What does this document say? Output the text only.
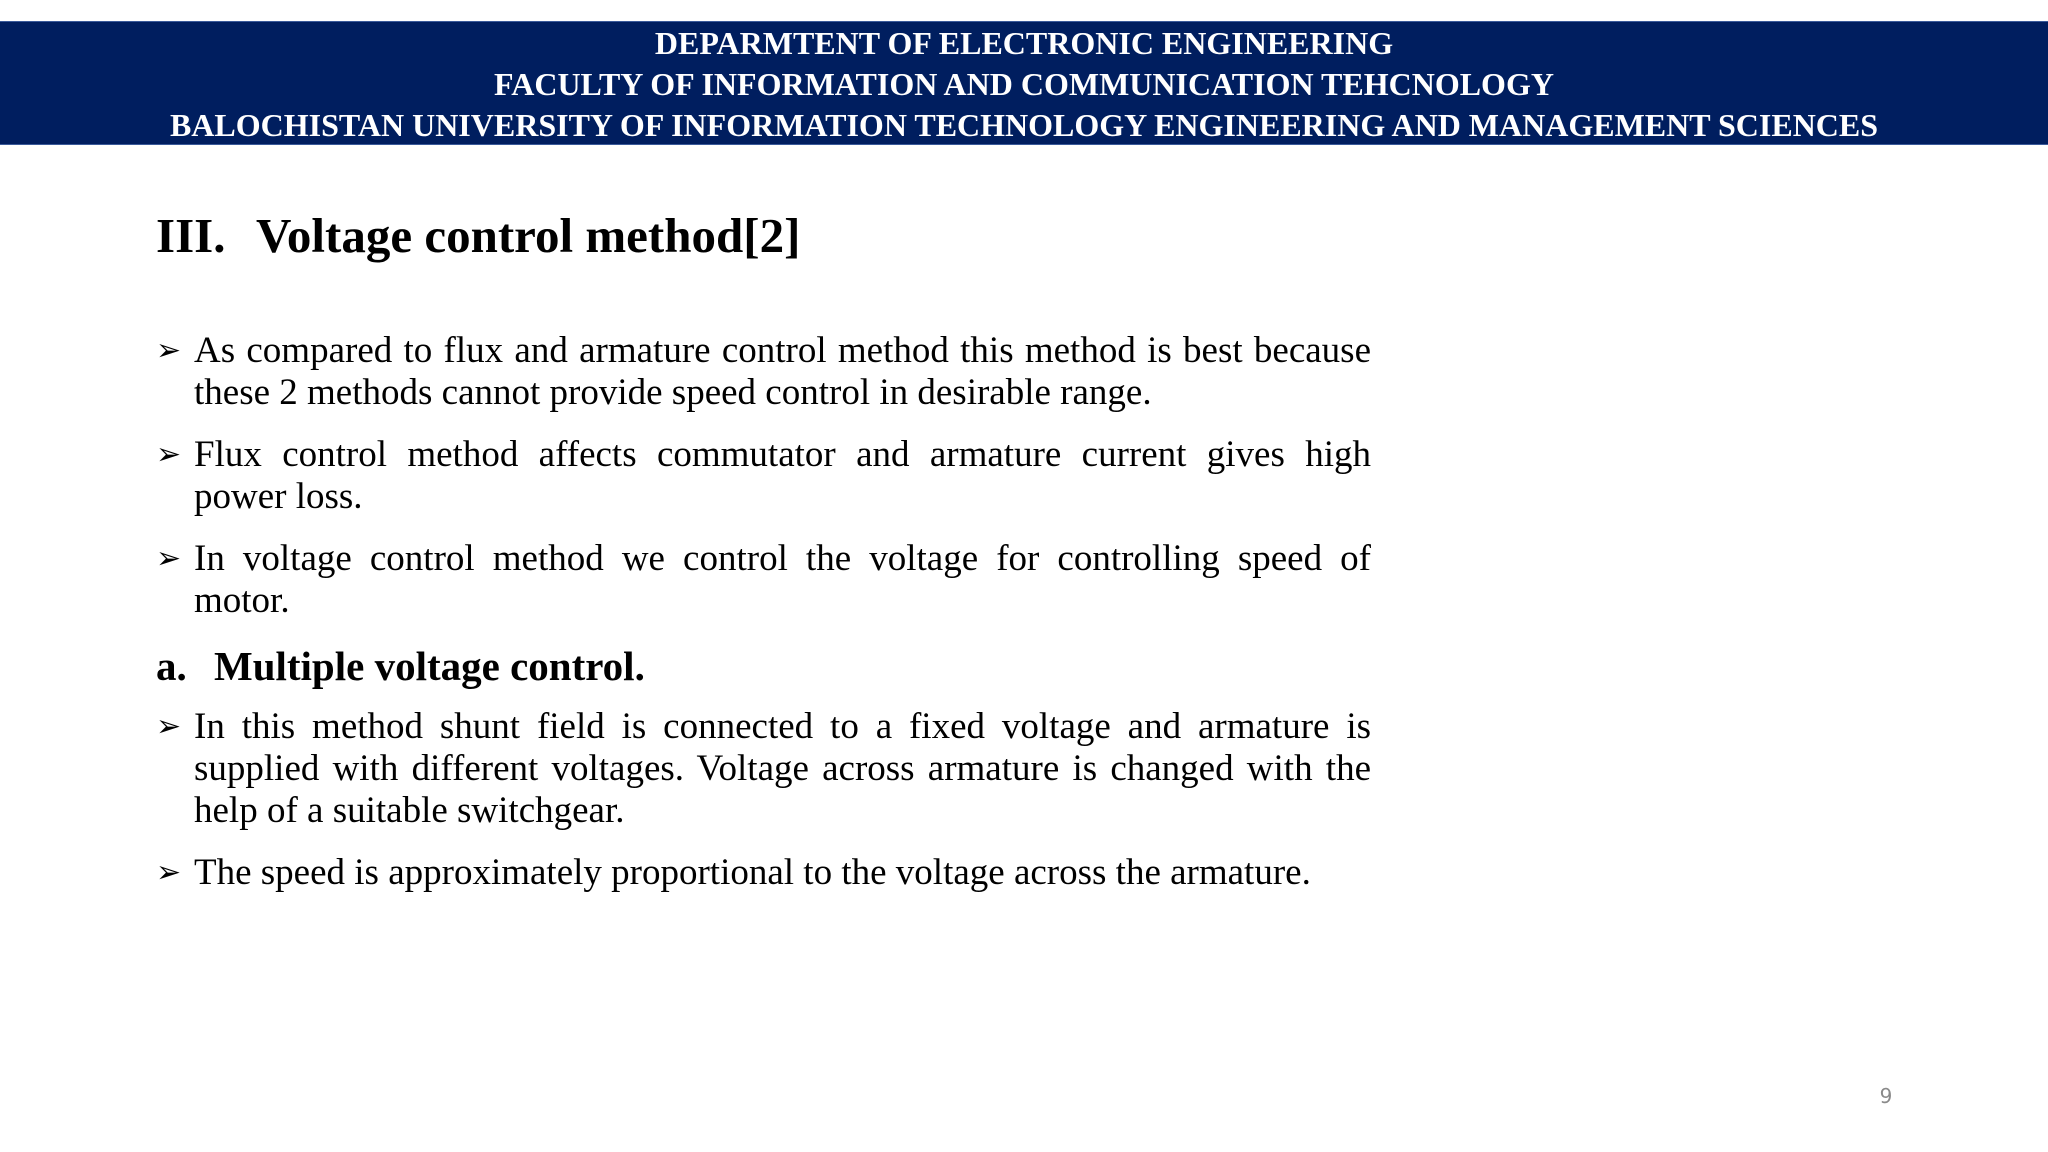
DEPARMTENT OF ELECTRONIC ENGINEERING
FACULTY OF INFORMATION AND COMMUNICATION TEHCNOLOGY
BALOCHISTAN UNIVERSITY OF INFORMATION TECHNOLOGY ENGINEERING AND MANAGEMENT SCIENCES
III. Voltage control method[2]
➢ As compared to flux and armature control method this method is best because these 2 methods cannot provide speed control in desirable range.
➢ Flux control method affects commutator and armature current gives high power loss.
➢ In voltage control method we control the voltage for controlling speed of motor.
a. Multiple voltage control.
➢ In this method shunt field is connected to a fixed voltage and armature is supplied with different voltages. Voltage across armature is changed with the help of a suitable switchgear.
➢ The speed is approximately proportional to the voltage across the armature.
9
